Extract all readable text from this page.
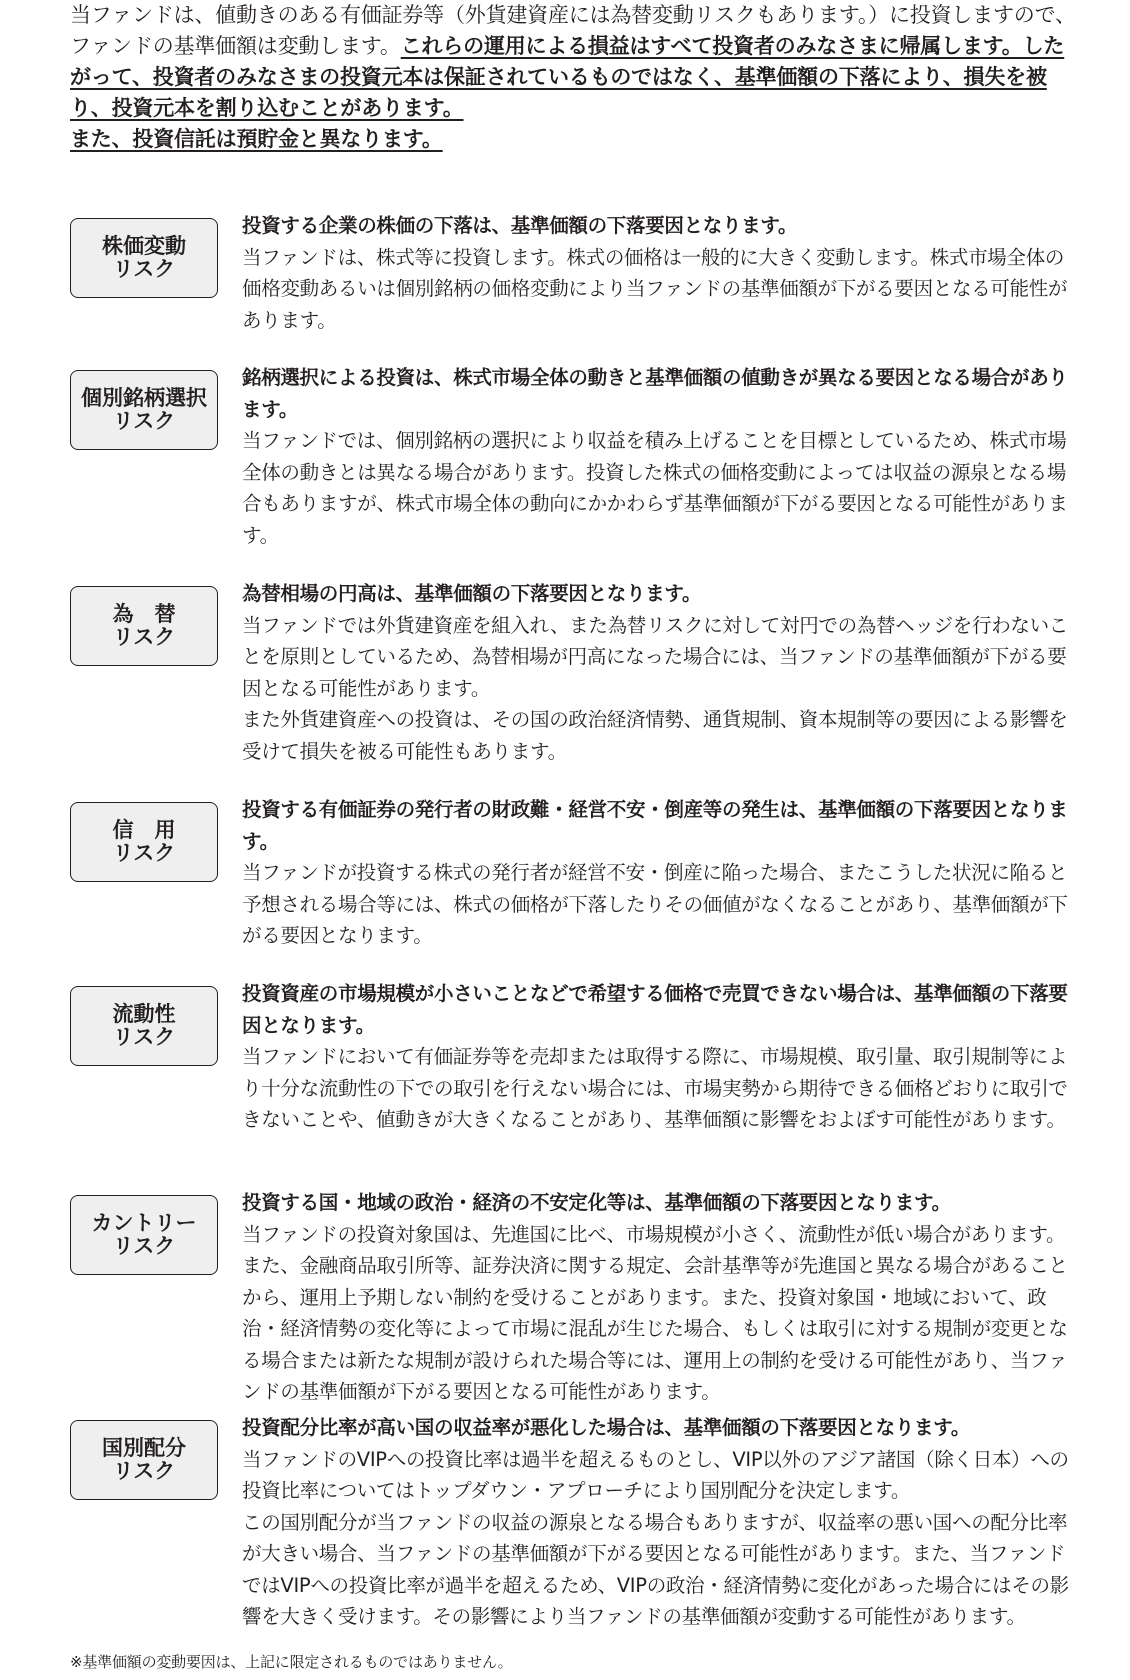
当ファンドは、値動きのある有価証券等（外貨建資産には為替変動リスクもあります。）に投資しますので、ファンドの基準価額は変動します。これらの運用による損益はすべて投資者のみなさまに帰属します。したがって、投資者のみなさまの投資元本は保証されているものではなく、基準価額の下落により、損失を被り、投資元本を割り込むことがあります。

また、投資信託は預貯金と異なります。

株価変動
リスク

投資する企業の株価の下落は、基準価額の下落要因となります。

当ファンドは、株式等に投資します。株式の価格は一般的に大きく変動します。株式市場全体の価格変動あるいは個別銘柄の価格変動により当ファンドの基準価額が下がる要因となる可能性があります。

個別銘柄選択
リスク

銘柄選択による投資は、株式市場全体の動きと基準価額の値動きが異なる要因となる場合があります。

当ファンドでは、個別銘柄の選択により収益を積み上げることを目標としているため、株式市場全体の動きとは異なる場合があります。投資した株式の価格変動によっては収益の源泉となる場合もありますが、株式市場全体の動向にかかわらず基準価額が下がる要因となる可能性があります。

為　替
リスク

為替相場の円高は、基準価額の下落要因となります。

当ファンドでは外貨建資産を組入れ、また為替リスクに対して対円での為替ヘッジを行わないことを原則としているため、為替相場が円高になった場合には、当ファンドの基準価額が下がる要因となる可能性があります。

また外貨建資産への投資は、その国の政治経済情勢、通貨規制、資本規制等の要因による影響を受けて損失を被る可能性もあります。

信　用
リスク

投資する有価証券の発行者の財政難・経営不安・倒産等の発生は、基準価額の下落要因となります。

当ファンドが投資する株式の発行者が経営不安・倒産に陥った場合、またこうした状況に陥ると予想される場合等には、株式の価格が下落したりその価値がなくなることがあり、基準価額が下がる要因となります。

流動性
リスク

投資資産の市場規模が小さいことなどで希望する価格で売買できない場合は、基準価額の下落要因となります。

当ファンドにおいて有価証券等を売却または取得する際に、市場規模、取引量、取引規制等により十分な流動性の下での取引を行えない場合には、市場実勢から期待できる価格どおりに取引できないことや、値動きが大きくなることがあり、基準価額に影響をおよぼす可能性があります。

カントリー
リスク

投資する国・地域の政治・経済の不安定化等は、基準価額の下落要因となります。

当ファンドの投資対象国は、先進国に比べ、市場規模が小さく、流動性が低い場合があります。また、金融商品取引所等、証券決済に関する規定、会計基準等が先進国と異なる場合があることから、運用上予期しない制約を受けることがあります。また、投資対象国・地域において、政治・経済情勢の変化等によって市場に混乱が生じた場合、もしくは取引に対する規制が変更となる場合または新たな規制が設けられた場合等には、運用上の制約を受ける可能性があり、当ファンドの基準価額が下がる要因となる可能性があります。

国別配分
リスク

投資配分比率が高い国の収益率が悪化した場合は、基準価額の下落要因となります。

当ファンドのVIPへの投資比率は過半を超えるものとし、VIP以外のアジア諸国（除く日本）への投資比率についてはトップダウン・アプローチにより国別配分を決定します。

この国別配分が当ファンドの収益の源泉となる場合もありますが、収益率の悪い国への配分比率が大きい場合、当ファンドの基準価額が下がる要因となる可能性があります。また、当ファンドではVIPへの投資比率が過半を超えるため、VIPの政治・経済情勢に変化があった場合にはその影響を大きく受けます。その影響により当ファンドの基準価額が変動する可能性があります。

※基準価額の変動要因は、上記に限定されるものではありません。
